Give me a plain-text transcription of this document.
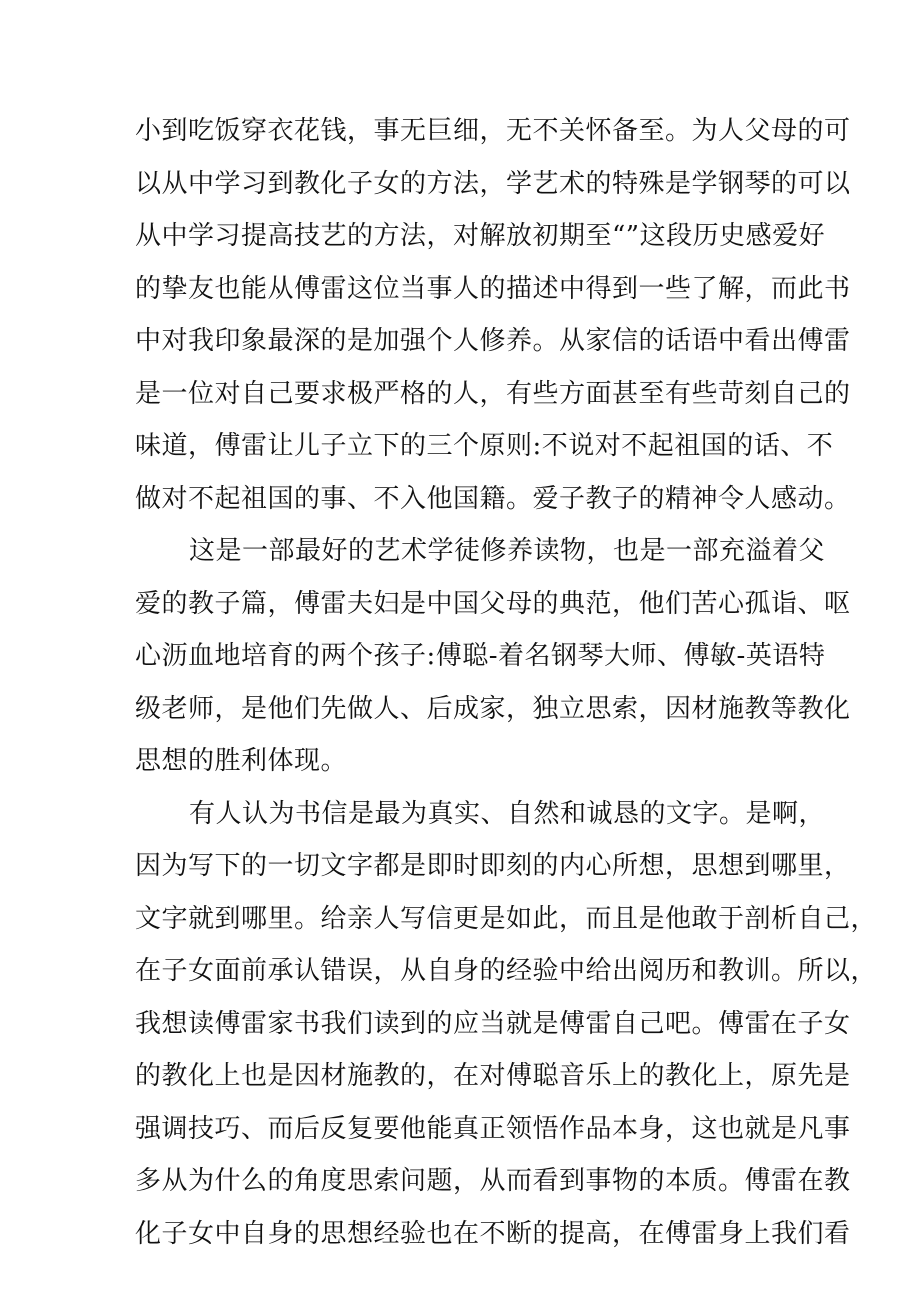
小到吃饭穿衣花钱，事无巨细，无不关怀备至。为人父母的可
以从中学习到教化子女的方法，学艺术的特殊是学钢琴的可以
从中学习提高技艺的方法，对解放初期至“”这段历史感爱好
的挚友也能从傅雷这位当事人的描述中得到一些了解，而此书
中对我印象最深的是加强个人修养。从家信的话语中看出傅雷
是一位对自己要求极严格的人，有些方面甚至有些苛刻自己的
味道，傅雷让儿子立下的三个原则:不说对不起祖国的话、不
做对不起祖国的事、不入他国籍。爱子教子的精神令人感动。
这是一部最好的艺术学徒修养读物，也是一部充溢着父
爱的教子篇，傅雷夫妇是中国父母的典范，他们苦心孤诣、呕
心沥血地培育的两个孩子:傅聪-着名钢琴大师、傅敏-英语特
级老师，是他们先做人、后成家，独立思索，因材施教等教化
思想的胜利体现。
有人认为书信是最为真实、自然和诚恳的文字。是啊，
因为写下的一切文字都是即时即刻的内心所想，思想到哪里，
文字就到哪里。给亲人写信更是如此，而且是他敢于剖析自己，
在子女面前承认错误，从自身的经验中给出阅历和教训。所以，
我想读傅雷家书我们读到的应当就是傅雷自己吧。傅雷在子女
的教化上也是因材施教的，在对傅聪音乐上的教化上，原先是
强调技巧、而后反复要他能真正领悟作品本身，这也就是凡事
多从为什么的角度思索问题，从而看到事物的本质。傅雷在教
化子女中自身的思想经验也在不断的提高，在傅雷身上我们看
